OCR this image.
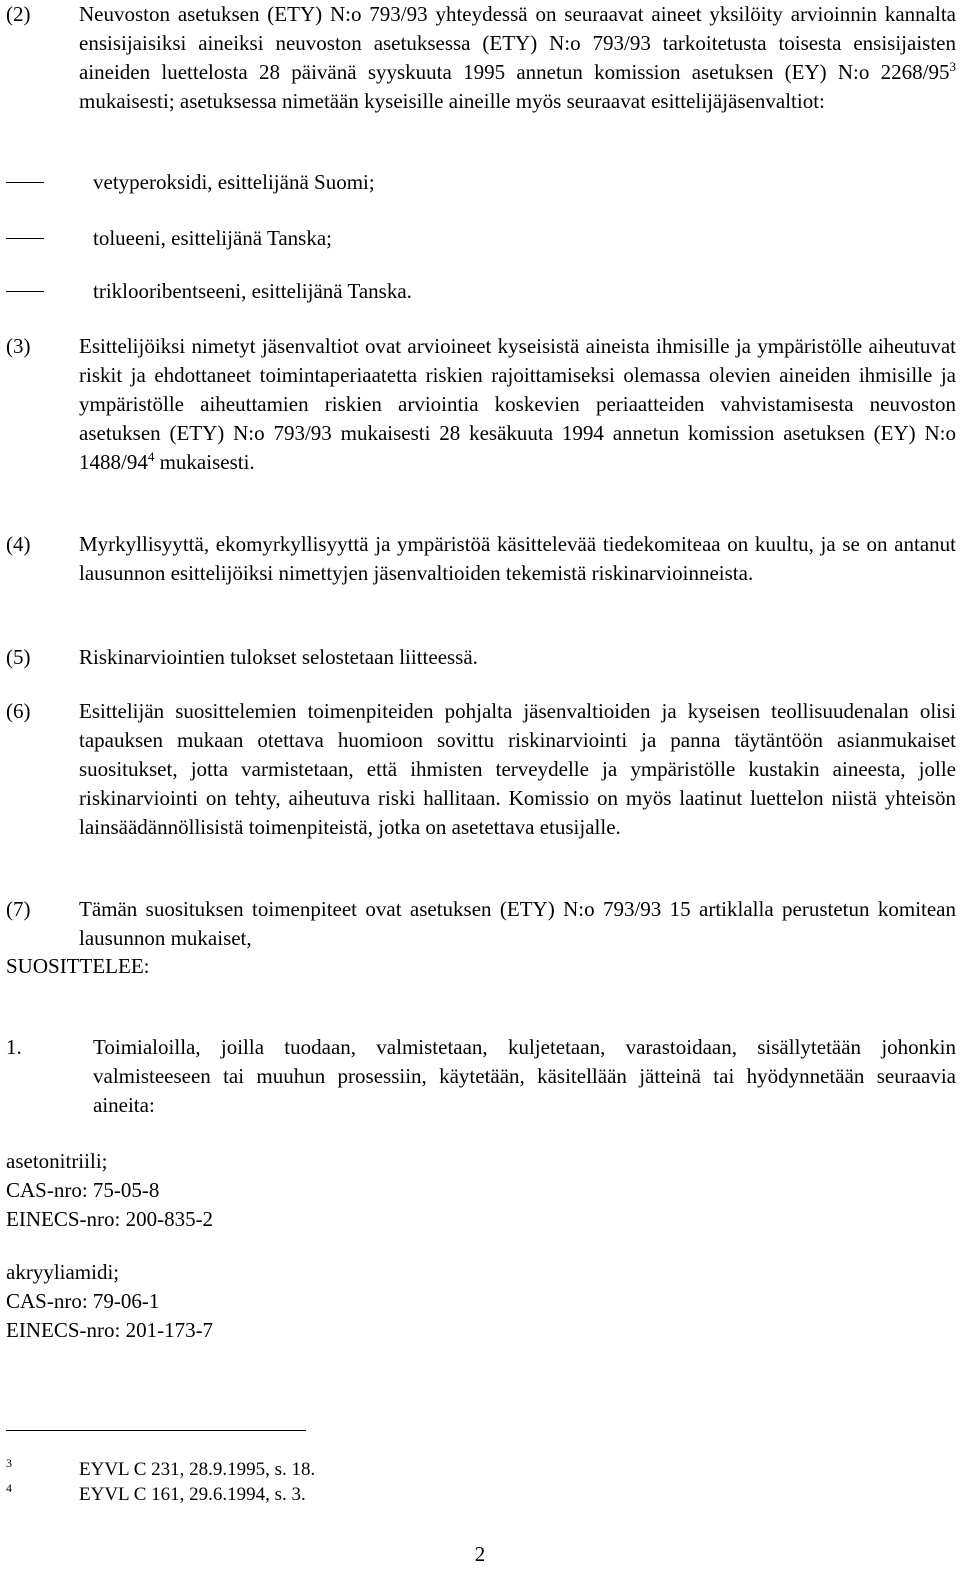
(2) Neuvoston asetuksen (ETY) N:o 793/93 yhteydessä on seuraavat aineet yksilöity arvioinnin kannalta ensisijaisiksi aineiksi neuvoston asetuksessa (ETY) N:o 793/93 tarkoitetusta toisesta ensisijaisten aineiden luettelosta 28 päivänä syyskuuta 1995 annetun komission asetuksen (EY) N:o $2268/95^3$ mukaisesti; asetuksessa nimetään kyseisille aineille myös seuraavat esittelijäjäsenvaltiot:
vetyperoksidi, esittelijänä Suomi;
tolueeni, esittelijänä Tanska;
triklooribentseeni, esittelijänä Tanska.
(3) Esittelijöiksi nimetyt jäsenvaltiot ovat arvioineet kyseisistä aineista ihmisille ja ympäristölle aiheutuvat riskit ja ehdottaneet toimintaperiaatetta riskien rajoittamiseksi olemassa olevien aineiden ihmisille ja ympäristölle aiheuttamien riskien arviointia koskevien periaatteiden vahvistamisesta neuvoston asetuksen (ETY) N:o 793/93 mukaisesti 28 kesäkuuta 1994 annetun komission asetuksen (EY) N:o $1488/94^4$ mukaisesti.
(4) Myrkyllisyyttä, ekomyrkyllisyyttä ja ympäristöä käsittelevää tiedekomiteaa on kuultu, ja se on antanut lausunnon esittelijöiksi nimettyjen jäsenvaltioiden tekemistä riskinarvioinneista.
(5) Riskinarviointien tulokset selostetaan liitteessä.
(6) Esittelijän suosittelemien toimenpiteiden pohjalta jäsenvaltioiden ja kyseisen teollisuudenalan olisi tapauksen mukaan otettava huomioon sovittu riskinarviointi ja panna täytäntöön asianmukaiset suositukset, jotta varmistetaan, että ihmisten terveydelle ja ympäristölle kustakin aineesta, jolle riskinarviointi on tehty, aiheutuva riski hallitaan. Komissio on myös laatinut luettelon niistä yhteisön lainsäädännöllisistä toimenpiteistä, jotka on asetettava etusijalle.
(7) Tämän suosituksen toimenpiteet ovat asetuksen (ETY) N:o 793/93 15 artiklalla perustetun komitean lausunnon mukaiset,
SUOSITTELEE:
1.	Toimialoilla, joilla tuodaan, valmistetaan, kuljetetaan, varastoidaan, sisällytetään johonkin valmisteeseen tai muuhun prosessiin, käytetään, käsitellään jätteinä tai hyödynnetään seuraavia aineita:
asetonitriili;
CAS-nro: 75-05-8
EINECS-nro: 200-835-2
akryyliamidi;
CAS-nro: 79-06-1
EINECS-nro: 201-173-7
3	EYVL C 231, 28.9.1995, s. 18.
4	EYVL C 161, 29.6.1994, s. 3.
2
